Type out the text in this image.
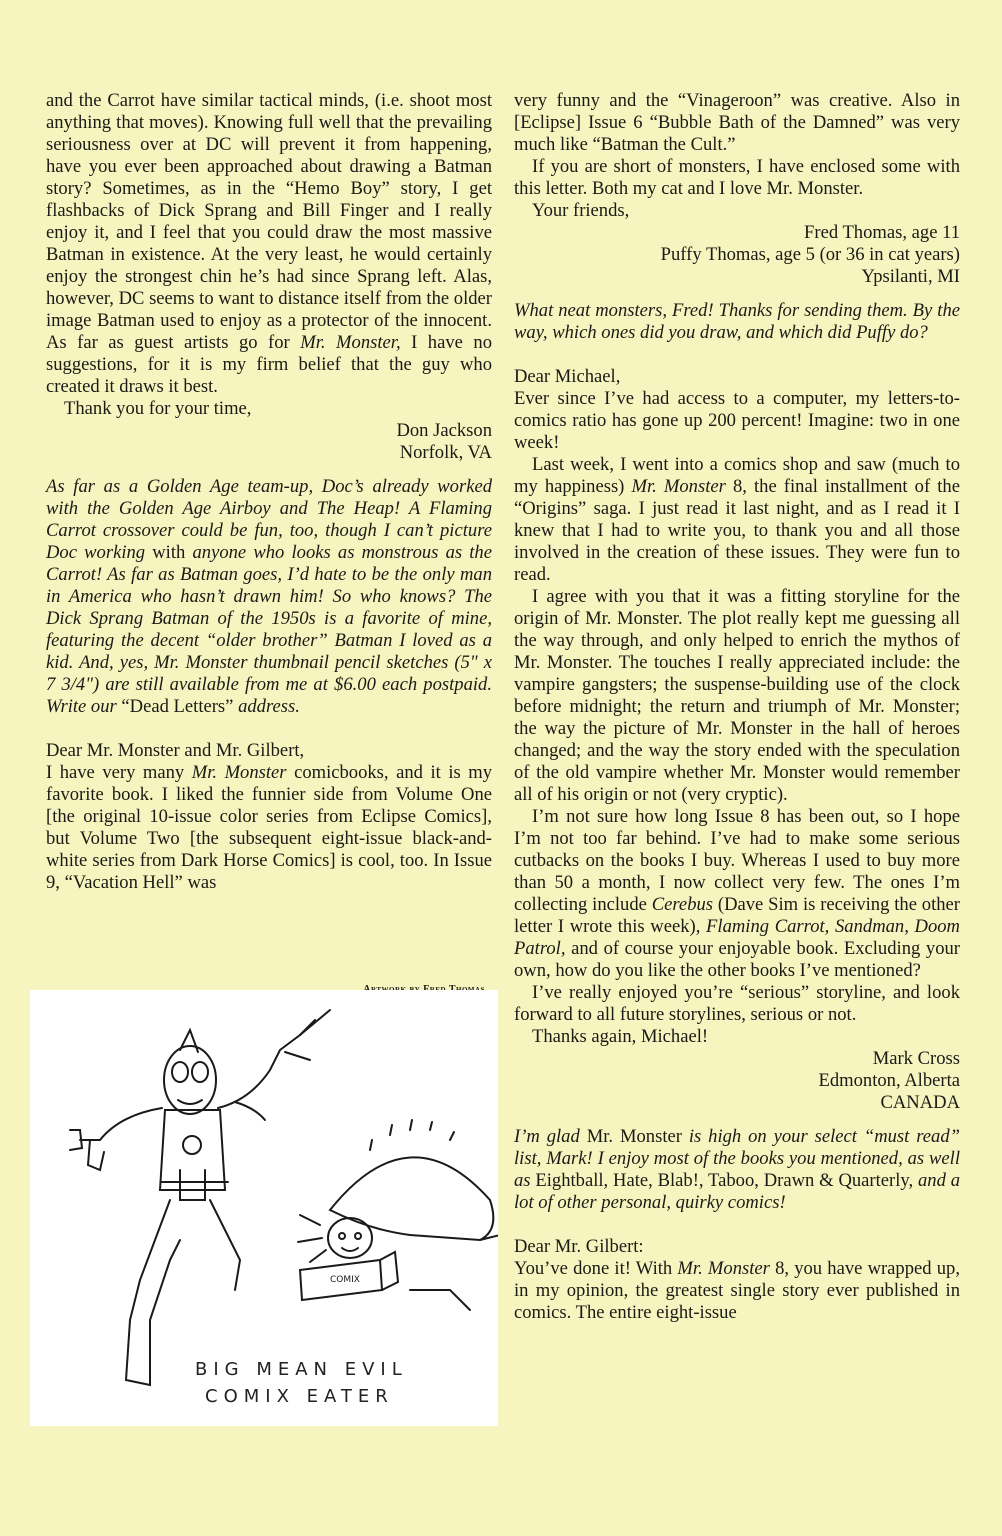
and the Carrot have similar tactical minds, (i.e. shoot most anything that moves). Knowing full well that the prevailing seriousness over at DC will prevent it from happening, have you ever been approached about drawing a Batman story? Sometimes, as in the “Hemo Boy” story, I get flashbacks of Dick Sprang and Bill Finger and I really enjoy it, and I feel that you could draw the most massive Batman in existence. At the very least, he would certainly enjoy the strongest chin he’s had since Sprang left. Alas, however, DC seems to want to distance itself from the older image Batman used to enjoy as a protector of the innocent. As far as guest artists go for Mr. Monster, I have no suggestions, for it is my firm belief that the guy who created it draws it best.

Thank you for your time,

Don Jackson

Norfolk, VA

As far as a Golden Age team-up, Doc’s already worked with the Golden Age Airboy and The Heap! A Flaming Carrot crossover could be fun, too, though I can’t picture Doc working with anyone who looks as monstrous as the Carrot! As far as Batman goes, I’d hate to be the only man in America who hasn’t drawn him! So who knows? The Dick Sprang Batman of the 1950s is a favorite of mine, featuring the decent “older brother” Batman I loved as a kid. And, yes, Mr. Monster thumbnail pencil sketches (5" x 7 3/4") are still available from me at $6.00 each postpaid. Write our “Dead Letters” address.

Dear Mr. Monster and Mr. Gilbert,

I have very many Mr. Monster comicbooks, and it is my favorite book. I liked the funnier side from Volume One [the original 10-issue color series from Eclipse Comics], but Volume Two [the subsequent eight-issue black-and-white series from Dark Horse Comics] is cool, too. In Issue 9, “Vacation Hell” was

COMIX
BIG MEAN EVIL
COMIX EATER

very funny and the “Vinageroon” was creative. Also in [Eclipse] Issue 6 “Bubble Bath of the Damned” was very much like “Batman the Cult.”

If you are short of monsters, I have enclosed some with this letter. Both my cat and I love Mr. Monster.

Your friends,

Fred Thomas, age 11

Puffy Thomas, age 5 (or 36 in cat years)

Ypsilanti, MI

What neat monsters, Fred! Thanks for sending them. By the way, which ones did you draw, and which did Puffy do?

Dear Michael,

Ever since I’ve had access to a computer, my letters-to-comics ratio has gone up 200 percent! Imagine: two in one week!

Last week, I went into a comics shop and saw (much to my happiness) Mr. Monster 8, the final installment of the “Origins” saga. I just read it last night, and as I read it I knew that I had to write you, to thank you and all those involved in the creation of these issues. They were fun to read.

I agree with you that it was a fitting storyline for the origin of Mr. Monster. The plot really kept me guessing all the way through, and only helped to enrich the mythos of Mr. Monster. The touches I really appreciated include: the vampire gangsters; the suspense-building use of the clock before midnight; the return and triumph of Mr. Monster; the way the picture of Mr. Monster in the hall of heroes changed; and the way the story ended with the speculation of the old vampire whether Mr. Monster would remember all of his origin or not (very cryptic).

I’m not sure how long Issue 8 has been out, so I hope I’m not too far behind. I’ve had to make some serious cutbacks on the books I buy. Whereas I used to buy more than 50 a month, I now collect very few. The ones I’m collecting include Cerebus (Dave Sim is receiving the other letter I wrote this week), Flaming Carrot, Sandman, Doom Patrol, and of course your enjoyable book. Excluding your own, how do you like the other books I’ve mentioned?

I’ve really enjoyed you’re “serious” storyline, and look forward to all future storylines, serious or not.

Thanks again, Michael!

Mark Cross

Edmonton, Alberta

CANADA

I’m glad Mr. Monster is high on your select “must read” list, Mark! I enjoy most of the books you mentioned, as well as Eightball, Hate, Blab!, Taboo, Drawn & Quarterly, and a lot of other personal, quirky comics!

Dear Mr. Gilbert:

You’ve done it! With Mr. Monster 8, you have wrapped up, in my opinion, the greatest single story ever published in comics. The entire eight-issue
